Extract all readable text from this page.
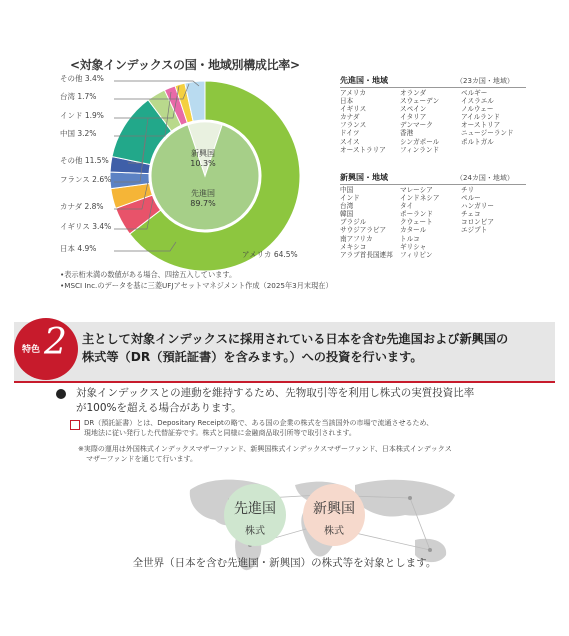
<対象インデックスの国・地域別構成比率>
その他 3.4%
台湾 1.7%
インド 1.9%
中国 3.2%
その他 11.5%
フランス 2.6%
カナダ 2.8%
イギリス 3.4%
日本 4.9%
アメリカ 64.5%
新興国
10.3%
先進国
89.7%
先進国・地域	（23カ国・地域）
アメリカ
日本
イギリス
カナダ
フランス
ドイツ
スイス
オーストラリア
オランダ
スウェーデン
スペイン
イタリア
デンマーク
香港
シンガポール
フィンランド
ベルギー
イスラエル
ノルウェー
アイルランド
オーストリア
ニュージーランド
ポルトガル
新興国・地域	（24カ国・地域）
中国
インド
台湾
韓国
ブラジル
サウジアラビア
南アフリカ
メキシコ
アラブ首長国連邦
マレーシア
インドネシア
タイ
ポーランド
クウェート
カタール
トルコ
ギリシャ
フィリピン
チリ
ペルー
ハンガリー
チェコ
コロンビア
エジプト
•表示桁未満の数値がある場合、四捨五入しています。
•MSCI Inc.のデータを基に三菱UFJアセットマネジメント作成（2025年3月末現在）
特色 2 主として対象インデックスに採用されている日本を含む先進国および新興国の
株式等（DR（預託証書）を含みます。）への投資を行います。
対象インデックスとの連動を維持するため、先物取引等を利用し株式の実質投資比率
が100%を超える場合があります。
DR（預託証書）とは、Depositary Receiptの略で、ある国の企業の株式を当該国外の市場で流通させるため、
現地法に従い発行した代替証券です。株式と同様に金融商品取引所等で取引されます。
※実際の運用は外国株式インデックスマザーファンド、新興国株式インデックスマザーファンド、日本株式インデックス
マザーファンドを通じて行います。
先進国
株式
新興国
株式
全世界（日本を含む先進国・新興国）の株式等を対象とします。
